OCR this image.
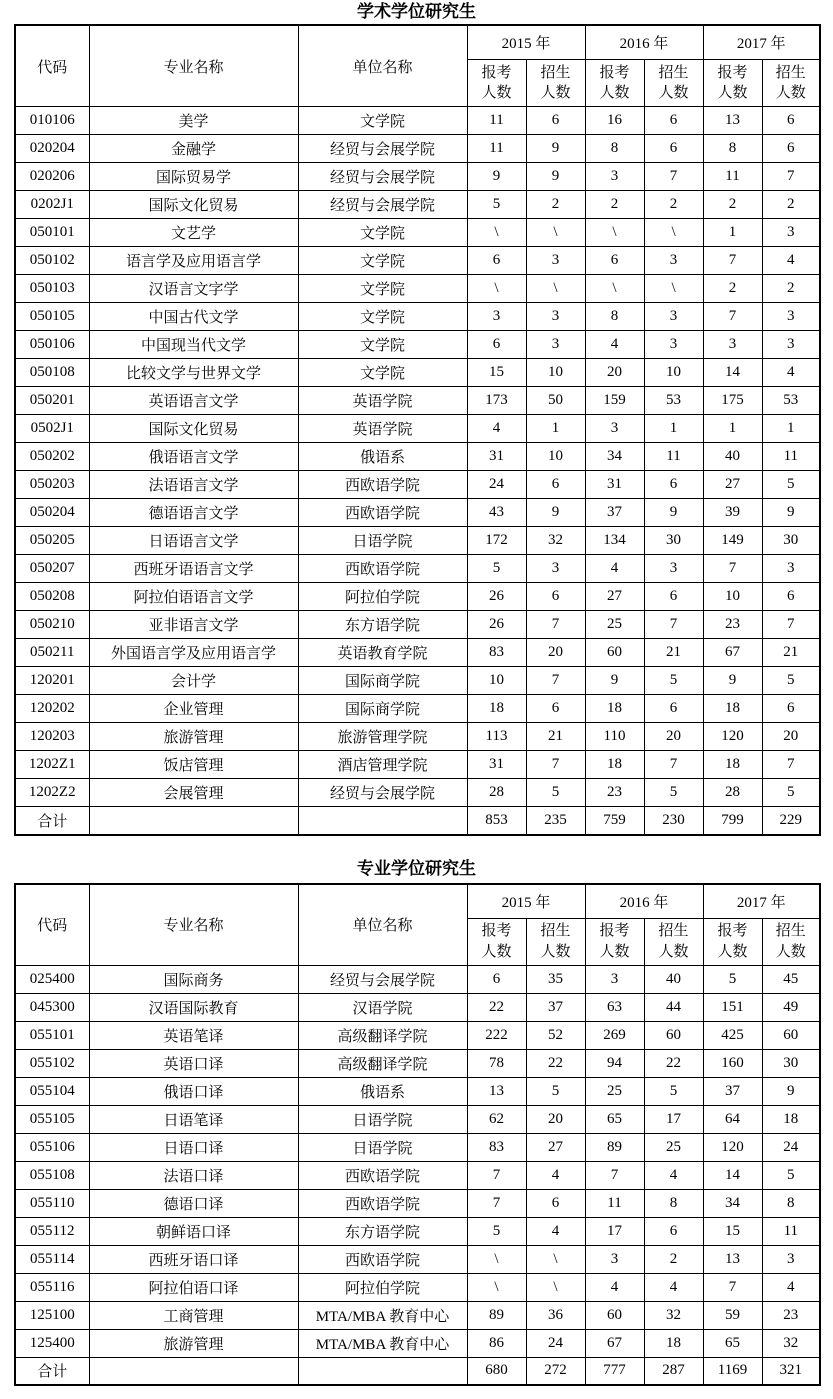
学术学位研究生
代码	专业名称	单位名称	2015 年		2016 年		2017 年	
			报考人数	招生人数	报考人数	招生人数	报考人数	招生人数
010106	美学	文学院	11	6	16	6	13	6
020204	金融学	经贸与会展学院	11	9	8	6	8	6
020206	国际贸易学	经贸与会展学院	9	9	3	7	11	7
0202J1	国际文化贸易	经贸与会展学院	5	2	2	2	2	2
050101	文艺学	文学院	\	\	\	\	1	3
050102	语言学及应用语言学	文学院	6	3	6	3	7	4
050103	汉语言文字学	文学院	\	\	\	\	2	2
050105	中国古代文学	文学院	3	3	8	3	7	3
050106	中国现当代文学	文学院	6	3	4	3	3	3
050108	比较文学与世界文学	文学院	15	10	20	10	14	4
050201	英语语言文学	英语学院	173	50	159	53	175	53
0502J1	国际文化贸易	英语学院	4	1	3	1	1	1
050202	俄语语言文学	俄语系	31	10	34	11	40	11
050203	法语语言文学	西欧语学院	24	6	31	6	27	5
050204	德语语言文学	西欧语学院	43	9	37	9	39	9
050205	日语语言文学	日语学院	172	32	134	30	149	30
050207	西班牙语语言文学	西欧语学院	5	3	4	3	7	3
050208	阿拉伯语语言文学	阿拉伯学院	26	6	27	6	10	6
050210	亚非语言文学	东方语学院	26	7	25	7	23	7
050211	外国语言学及应用语言学	英语教育学院	83	20	60	21	67	21
120201	会计学	国际商学院	10	7	9	5	9	5
120202	企业管理	国际商学院	18	6	18	6	18	6
120203	旅游管理	旅游管理学院	113	21	110	20	120	20
1202Z1	饭店管理	酒店管理学院	31	7	18	7	18	7
1202Z2	会展管理	经贸与会展学院	28	5	23	5	28	5
合计			853	235	759	230	799	229
专业学位研究生
代码	专业名称	单位名称	2015 年		2016 年		2017 年	
			报考人数	招生人数	报考人数	招生人数	报考人数	招生人数
025400	国际商务	经贸与会展学院	6	35	3	40	5	45
045300	汉语国际教育	汉语学院	22	37	63	44	151	49
055101	英语笔译	高级翻译学院	222	52	269	60	425	60
055102	英语口译	高级翻译学院	78	22	94	22	160	30
055104	俄语口译	俄语系	13	5	25	5	37	9
055105	日语笔译	日语学院	62	20	65	17	64	18
055106	日语口译	日语学院	83	27	89	25	120	24
055108	法语口译	西欧语学院	7	4	7	4	14	5
055110	德语口译	西欧语学院	7	6	11	8	34	8
055112	朝鲜语口译	东方语学院	5	4	17	6	15	11
055114	西班牙语口译	西欧语学院	\	\	3	2	13	3
055116	阿拉伯语口译	阿拉伯学院	\	\	4	4	7	4
125100	工商管理	MTA/MBA 教育中心	89	36	60	32	59	23
125400	旅游管理	MTA/MBA 教育中心	86	24	67	18	65	32
合计			680	272	777	287	1169	321
